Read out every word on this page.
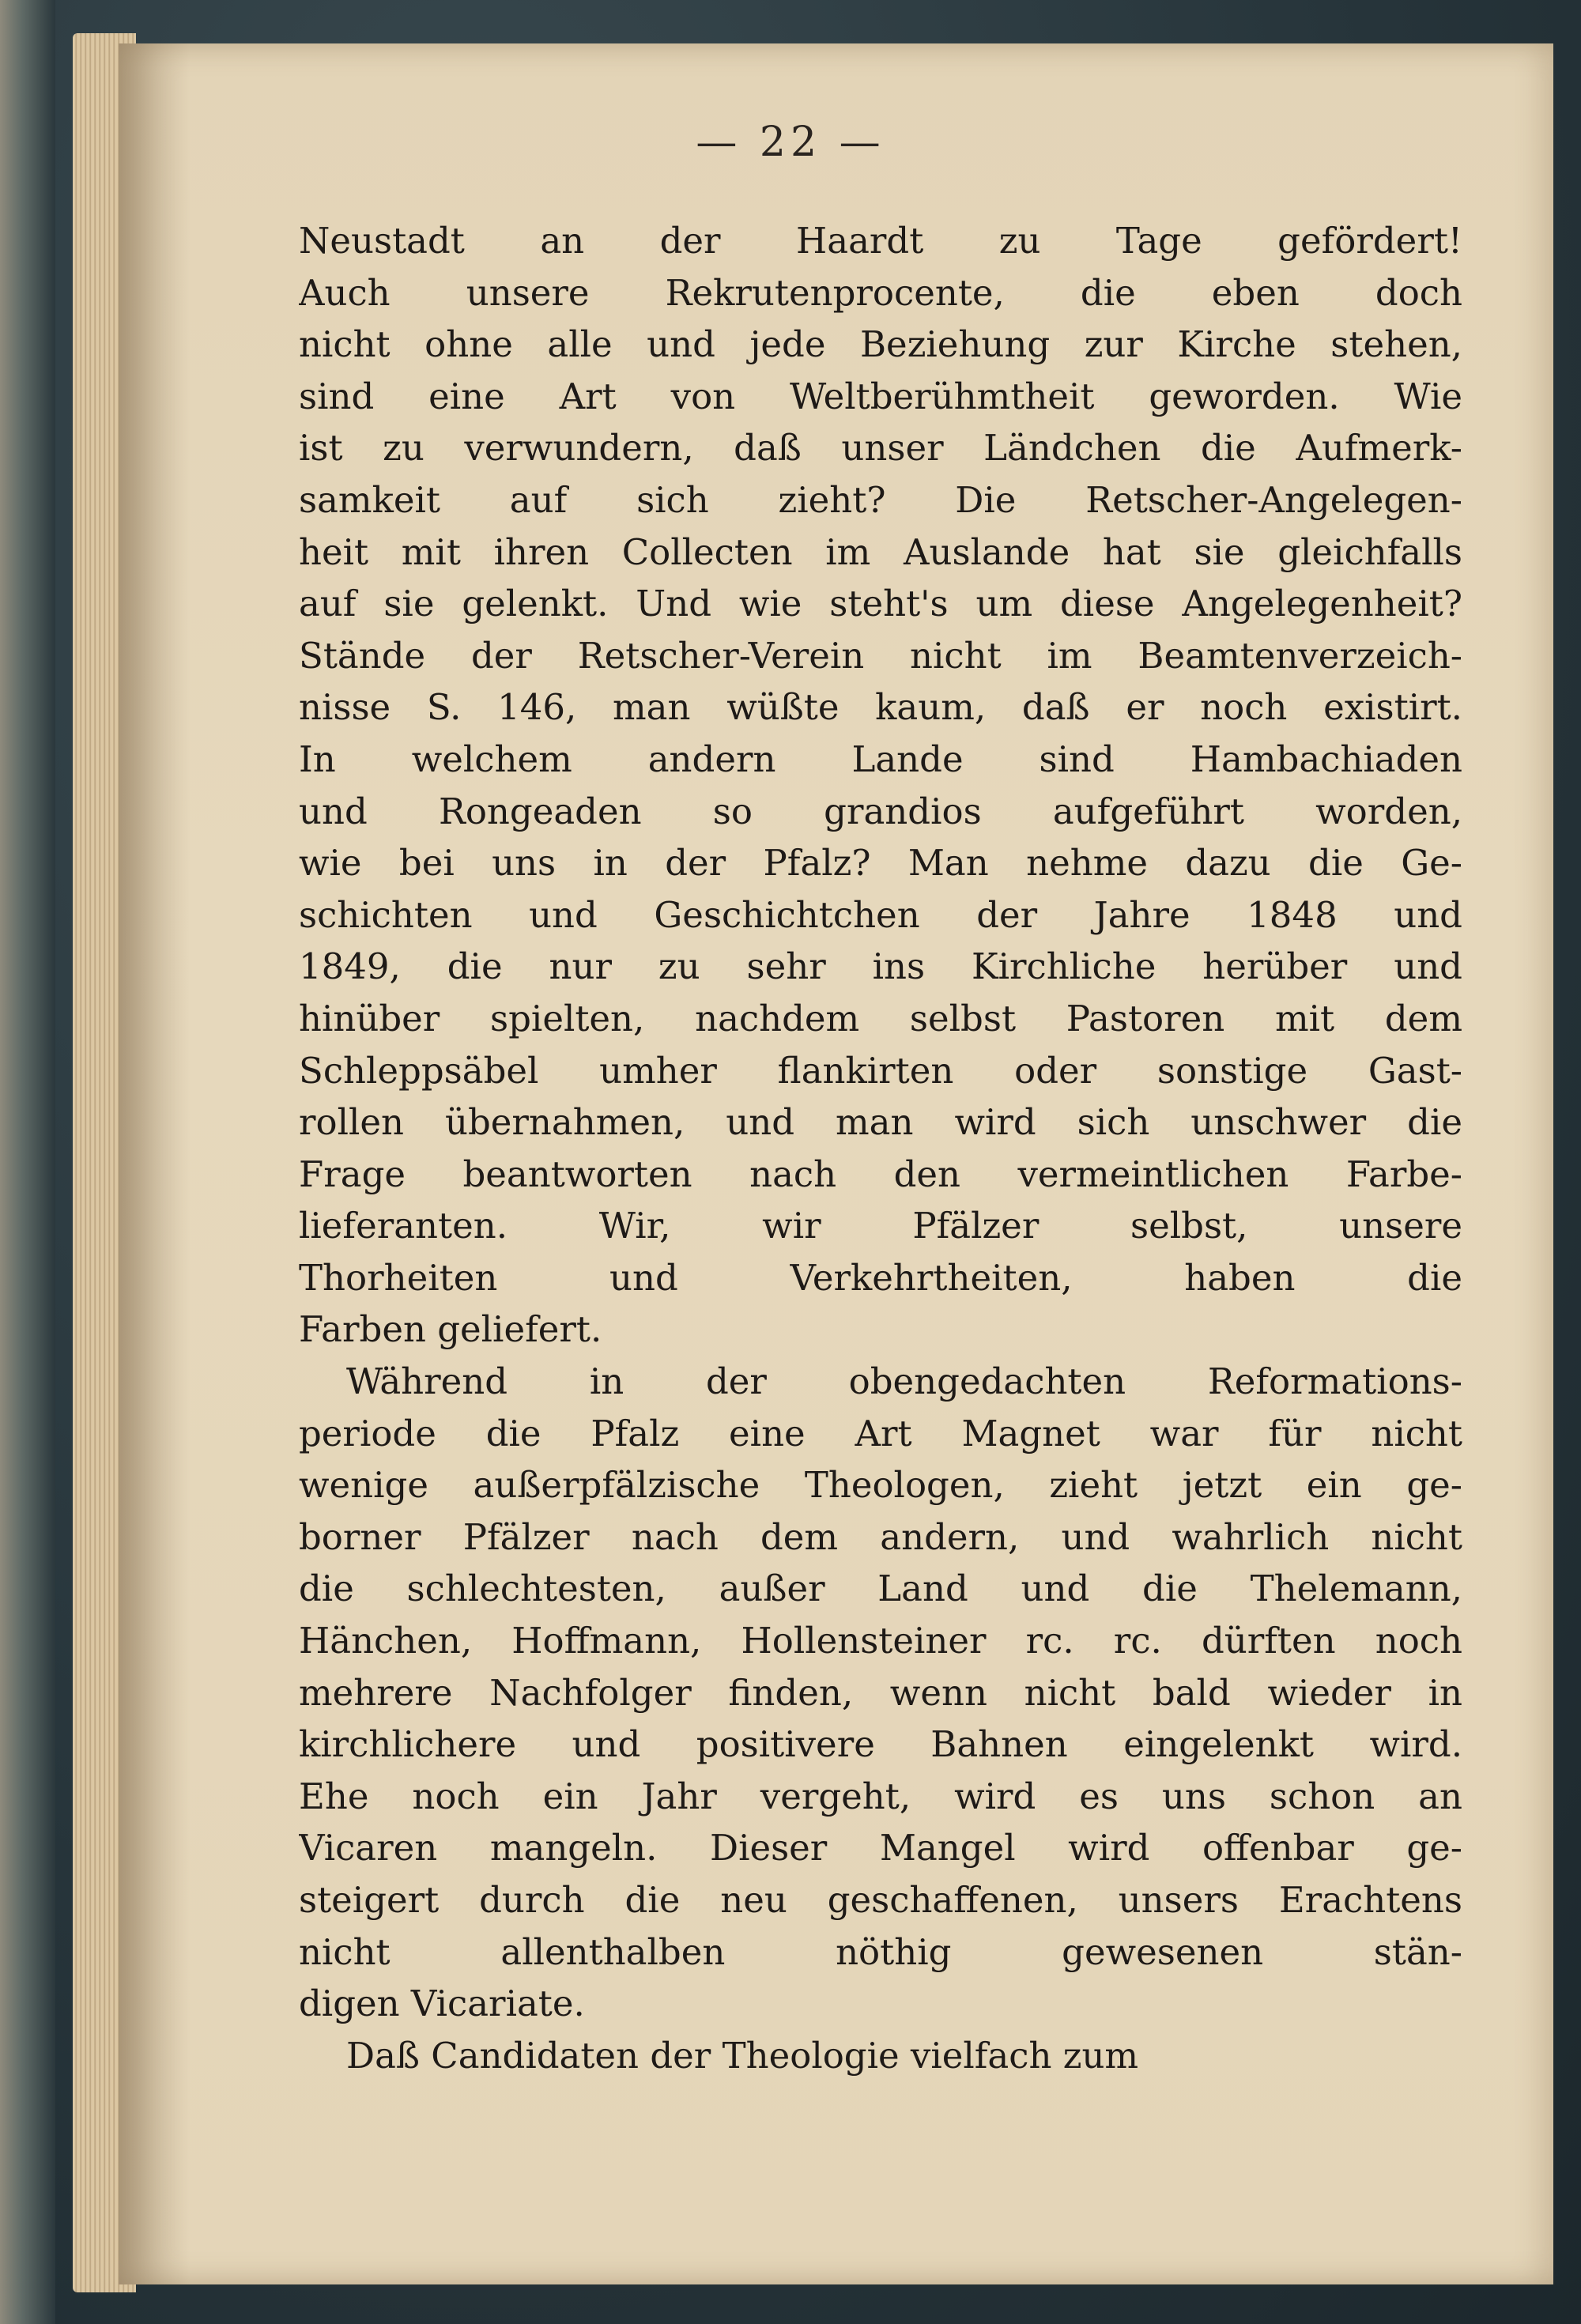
— 22 —
Neustadt an der Haardt zu Tage gefördert!
Auch unsere Rekrutenprocente, die eben doch
nicht ohne alle und jede Beziehung zur Kirche stehen,
sind eine Art von Weltberühmtheit geworden. Wie
ist zu verwundern, daß unser Ländchen die Aufmerk-
samkeit auf sich zieht? Die Retscher-Angelegen-
heit mit ihren Collecten im Auslande hat sie gleichfalls
auf sie gelenkt. Und wie steht's um diese Angelegenheit?
Stände der Retscher-Verein nicht im Beamtenverzeich-
nisse S. 146, man wüßte kaum, daß er noch existirt.
In welchem andern Lande sind Hambachiaden
und Rongeaden so grandios aufgeführt worden,
wie bei uns in der Pfalz? Man nehme dazu die Ge-
schichten und Geschichtchen der Jahre 1848 und
1849, die nur zu sehr ins Kirchliche herüber und
hinüber spielten, nachdem selbst Pastoren mit dem
Schleppsäbel umher flankirten oder sonstige Gast-
rollen übernahmen, und man wird sich unschwer die
Frage beantworten nach den vermeintlichen Farbe-
lieferanten. Wir, wir Pfälzer selbst, unsere
Thorheiten und Verkehrtheiten, haben die
Farben geliefert.
Während in der obengedachten Reformations-
periode die Pfalz eine Art Magnet war für nicht
wenige außerpfälzische Theologen, zieht jetzt ein ge-
borner Pfälzer nach dem andern, und wahrlich nicht
die schlechtesten, außer Land und die Thelemann,
Hänchen, Hoffmann, Hollensteiner rc. rc. dürften noch
mehrere Nachfolger finden, wenn nicht bald wieder in
kirchlichere und positivere Bahnen eingelenkt wird.
Ehe noch ein Jahr vergeht, wird es uns schon an
Vicaren mangeln. Dieser Mangel wird offenbar ge-
steigert durch die neu geschaffenen, unsers Erachtens
nicht allenthalben nöthig gewesenen stän-
digen Vicariate.
Daß Candidaten der Theologie vielfach zum
